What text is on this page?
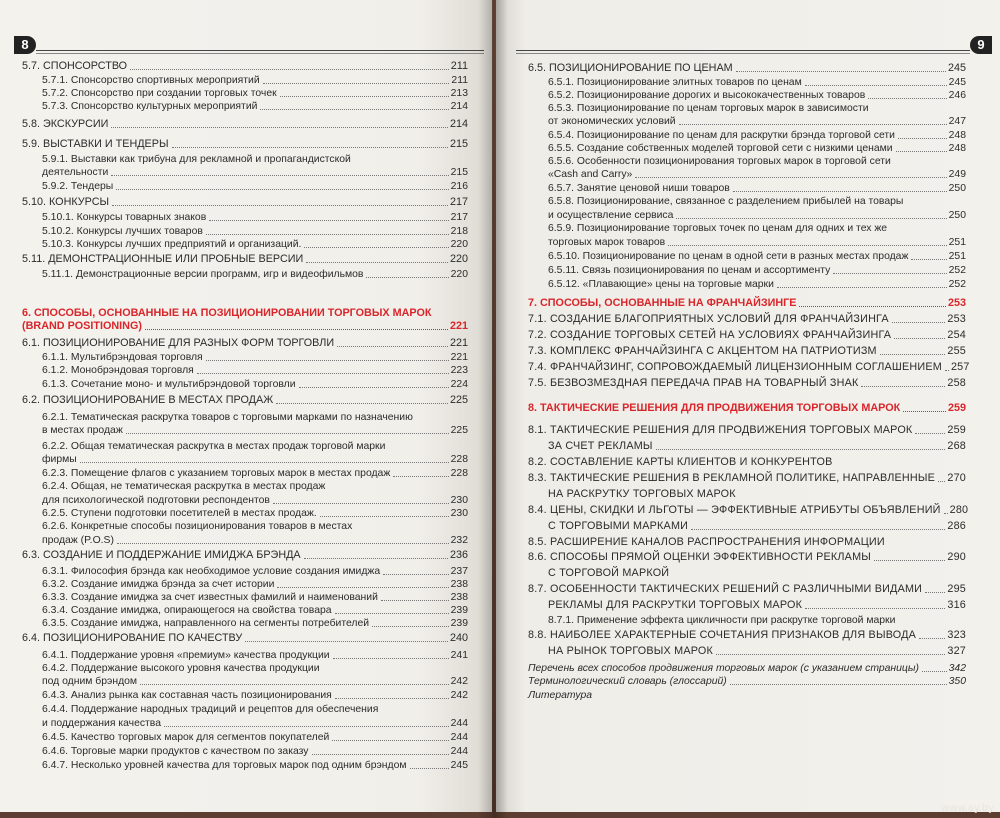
8
5.7. СПОНСОРСТВО	211
5.7.1. Спонсорство спортивных мероприятий	211
5.7.2. Спонсорство при создании торговых точек	213
5.7.3. Спонсорство культурных мероприятий	214
5.8. ЭКСКУРСИИ	214
5.9. ВЫСТАВКИ И ТЕНДЕРЫ	215
5.9.1. Выставки как трибуна для рекламной и пропагандистской
деятельности	215
5.9.2. Тендеры	216
5.10. КОНКУРСЫ	217
5.10.1. Конкурсы товарных знаков	217
5.10.2. Конкурсы лучших товаров	218
5.10.3. Конкурсы лучших предприятий и организаций.	220
5.11. ДЕМОНСТРАЦИОННЫЕ ИЛИ ПРОБНЫЕ ВЕРСИИ	220
5.11.1. Демонстрационные версии программ, игр и видеофильмов	220
6. СПОСОБЫ, ОСНОВАННЫЕ НА ПОЗИЦИОНИРОВАНИИ ТОРГОВЫХ МАРОК
(BRAND POSITIONING)	221
6.1. ПОЗИЦИОНИРОВАНИЕ ДЛЯ РАЗНЫХ ФОРМ ТОРГОВЛИ	221
6.1.1. Мультибрэндовая торговля	221
6.1.2. Монобрэндовая торговля	223
6.1.3. Сочетание моно- и мультибрэндовой торговли	224
6.2. ПОЗИЦИОНИРОВАНИЕ В МЕСТАХ ПРОДАЖ	225
6.2.1. Тематическая раскрутка товаров с торговыми марками по назначению
в местах продаж	225
6.2.2. Общая тематическая раскрутка в местах продаж торговой марки
фирмы	228
6.2.3. Помещение флагов с указанием торговых марок в местах продаж	228
6.2.4. Общая, не тематическая раскрутка в местах продаж
для психологической подготовки респондентов	230
6.2.5. Ступени подготовки посетителей в местах продаж.	230
6.2.6. Конкретные способы позиционирования товаров в местах
продаж (P.O.S)	232
6.3. СОЗДАНИЕ И ПОДДЕРЖАНИЕ ИМИДЖА БРЭНДА	236
6.3.1. Философия брэнда как необходимое условие создания имиджа	237
6.3.2. Создание имиджа брэнда за счет истории	238
6.3.3. Создание имиджа за счет известных фамилий и наименований	238
6.3.4. Создание имиджа, опирающегося на свойства товара	239
6.3.5. Создание имиджа, направленного на сегменты потребителей	239
6.4. ПОЗИЦИОНИРОВАНИЕ ПО КАЧЕСТВУ	240
6.4.1. Поддержание уровня «премиум» качества продукции	241
6.4.2. Поддержание высокого уровня качества продукции
под одним брэндом	242
6.4.3. Анализ рынка как составная часть позиционирования	242
6.4.4. Поддержание народных традиций и рецептов для обеспечения
и поддержания качества	244
6.4.5. Качество торговых марок для сегментов покупателей	244
6.4.6. Торговые марки продуктов с качеством по заказу	244
6.4.7. Несколько уровней качества для торговых марок под одним брэндом	245
9
6.5. ПОЗИЦИОНИРОВАНИЕ ПО ЦЕНАМ	245
6.5.1. Позиционирование элитных товаров по ценам	245
6.5.2. Позиционирование дорогих и высококачественных товаров	246
6.5.3. Позиционирование по ценам торговых марок в зависимости
от экономических условий	247
6.5.4. Позиционирование по ценам для раскрутки брэнда торговой сети	248
6.5.5. Создание собственных моделей торговой сети с низкими ценами	248
6.5.6. Особенности позиционирования торговых марок в торговой сети
«Cash and Carry»	249
6.5.7. Занятие ценовой ниши товаров	250
6.5.8. Позиционирование, связанное с разделением прибылей на товары
и осуществление сервиса	250
6.5.9. Позиционирование торговых точек по ценам для одних и тех же
торговых марок товаров	251
6.5.10. Позиционирование по ценам в одной сети в разных местах продаж	251
6.5.11. Связь позиционирования по ценам и ассортименту	252
6.5.12. «Плавающие» цены на торговые марки	252
7. СПОСОБЫ, ОСНОВАННЫЕ НА ФРАНЧАЙЗИНГЕ	253
7.1. СОЗДАНИЕ БЛАГОПРИЯТНЫХ УСЛОВИЙ ДЛЯ ФРАНЧАЙЗИНГА	253
7.2. СОЗДАНИЕ ТОРГОВЫХ СЕТЕЙ НА УСЛОВИЯХ ФРАНЧАЙЗИНГА	254
7.3. КОМПЛЕКС ФРАНЧАЙЗИНГА С АКЦЕНТОМ НА ПАТРИОТИЗМ	255
7.4. ФРАНЧАЙЗИНГ, СОПРОВОЖДАЕМЫЙ ЛИЦЕНЗИОННЫМ СОГЛАШЕНИЕМ 257
7.5. БЕЗВОЗМЕЗДНАЯ ПЕРЕДАЧА ПРАВ НА ТОВАРНЫЙ ЗНАК	258
8. ТАКТИЧЕСКИЕ РЕШЕНИЯ ДЛЯ ПРОДВИЖЕНИЯ ТОРГОВЫХ МАРОК	259
8.1. ТАКТИЧЕСКИЕ РЕШЕНИЯ ДЛЯ ПРОДВИЖЕНИЯ ТОРГОВЫХ МАРОК	259
ЗА СЧЕТ РЕКЛАМЫ	268
8.2. СОСТАВЛЕНИЕ КАРТЫ КЛИЕНТОВ И КОНКУРЕНТОВ
8.3. ТАКТИЧЕСКИЕ РЕШЕНИЯ В РЕКЛАМНОЙ ПОЛИТИКЕ, НАПРАВЛЕННЫЕ 270
НА РАСКРУТКУ ТОРГОВЫХ МАРОК
8.4. ЦЕНЫ, СКИДКИ И ЛЬГОТЫ — ЭФФЕКТИВНЫЕ АТРИБУТЫ ОБЪЯВЛЕНИЙ 280
С ТОРГОВЫМИ МАРКАМИ	286
8.5. РАСШИРЕНИЕ КАНАЛОВ РАСПРОСТРАНЕНИЯ ИНФОРМАЦИИ
8.6. СПОСОБЫ ПРЯМОЙ ОЦЕНКИ ЭФФЕКТИВНОСТИ РЕКЛАМЫ	290
С ТОРГОВОЙ МАРКОЙ
8.7. ОСОБЕННОСТИ ТАКТИЧЕСКИХ РЕШЕНИЙ С РАЗЛИЧНЫМИ ВИДАМИ 295
РЕКЛАМЫ ДЛЯ РАСКРУТКИ ТОРГОВЫХ МАРОК	316
8.7.1. Применение эффекта цикличности при раскрутке торговой марки
8.8. НАИБОЛЕЕ ХАРАКТЕРНЫЕ СОЧЕТАНИЯ ПРИЗНАКОВ ДЛЯ ВЫВОДА	323
НА РЫНОК ТОРГОВЫХ МАРОК	327
Перечень всех способов продвижения торговых марок (с указанием страницы)	342
Терминологический словарь (глоссарий)	350
Литература
www.ay.by
